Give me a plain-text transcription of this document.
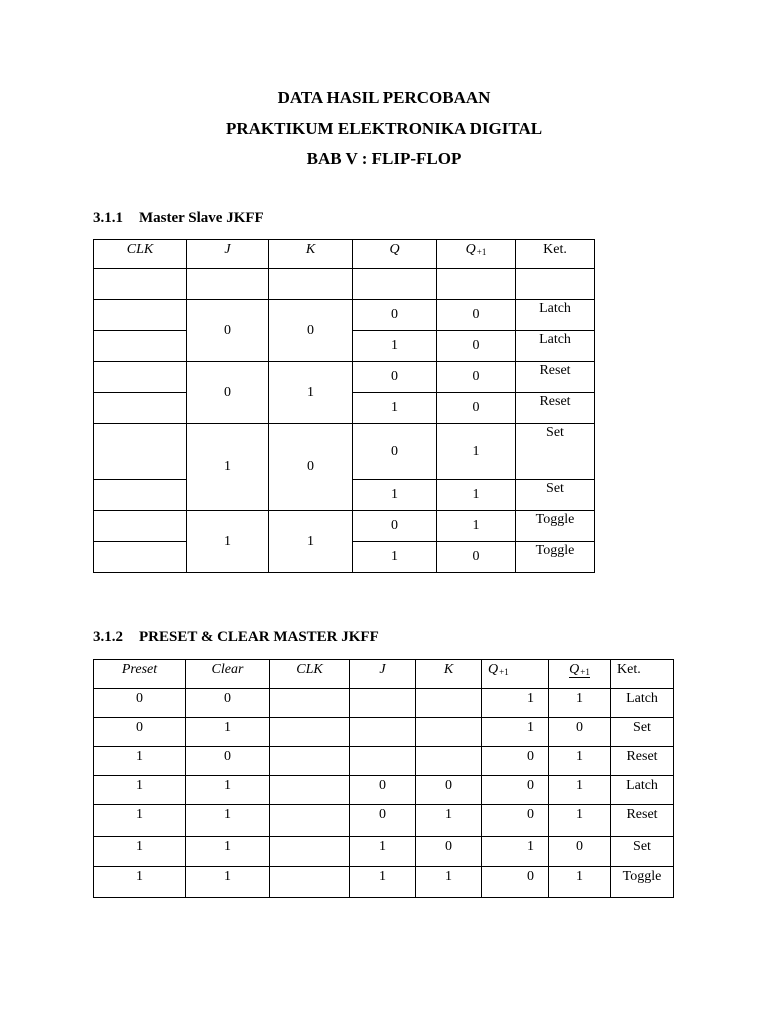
DATA HASIL PERCOBAAN
PRAKTIKUM ELEKTRONIKA DIGITAL
BAB V : FLIP-FLOP
3.1.1 Master Slave JKFF
CLK	J	K	Q	$Q_{+1}$	Ket.

	0	0	0	0	Latch
			1	0	Latch
	0	1	0	0	Reset
			1	0	Reset
	1	0	0	1	Set
			1	1	Set
	1	1	0	1	Toggle
			1	0	Toggle
3.1.2 PRESET & CLEAR MASTER JKFF
Preset	Clear	CLK	J	K	$Q_{+1}$	$Q_{+1}$	Ket.
0	0				1	1	Latch
0	1				1	0	Set
1	0				0	1	Reset
1	1		0	0	0	1	Latch
1	1		0	1	0	1	Reset
1	1		1	0	1	0	Set
1	1		1	1	0	1	Toggle
